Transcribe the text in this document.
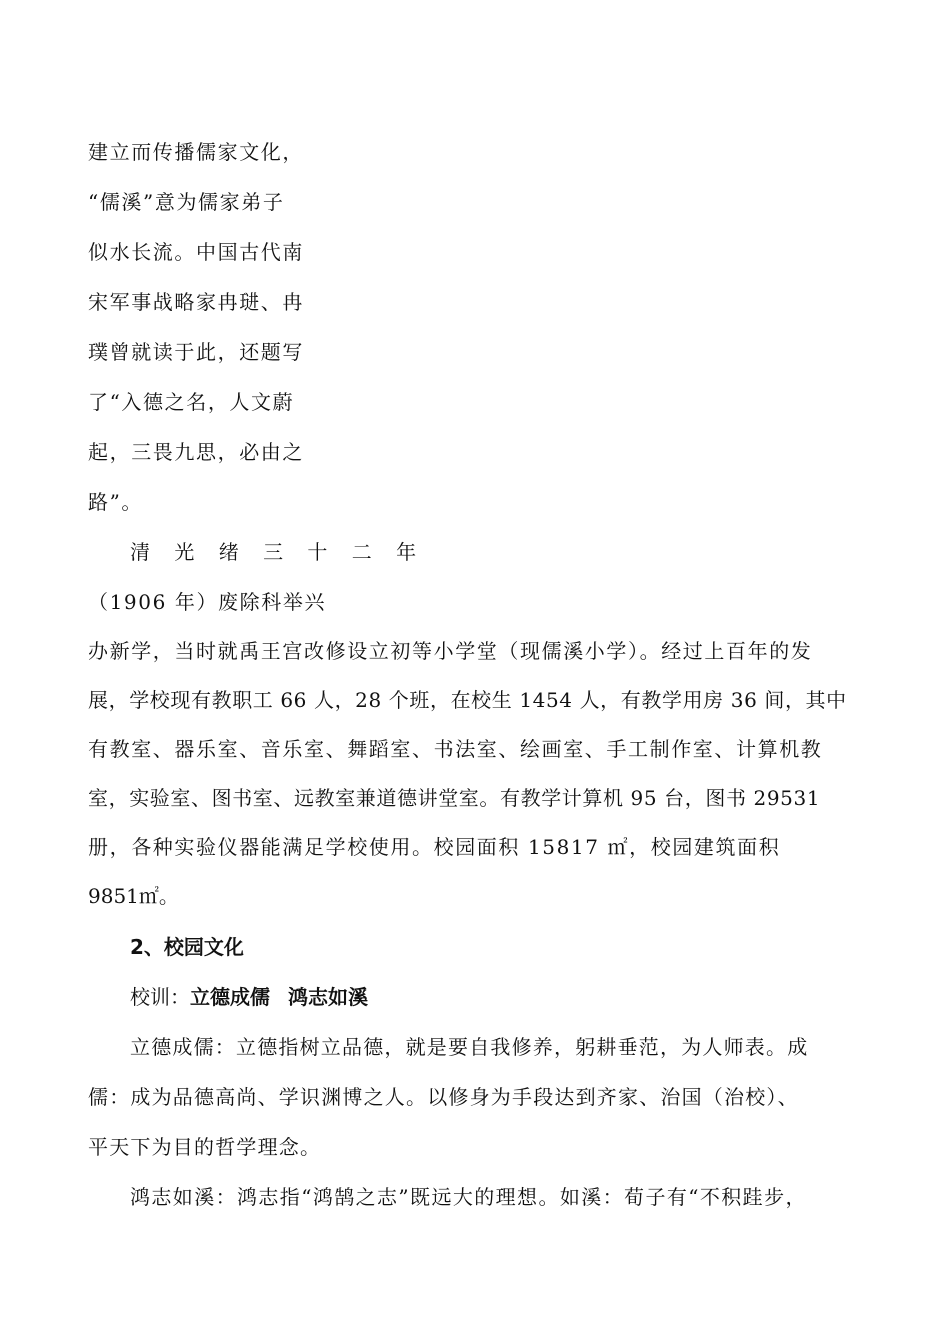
建立而传播儒家文化，

“儒溪”意为儒家弟子

似水长流。中国古代南

宋军事战略家冉琎、冉

璞曾就读于此，还题写

了“入德之名，人文蔚

起，三畏九思，必由之

路”。

清 光 绪 三 十 二 年

（1906 年）废除科举兴

办新学，当时就禹王宫改修设立初等小学堂（现儒溪小学）。经过上百年的发

展，学校现有教职工 66 人，28 个班，在校生 1454 人，有教学用房 36 间，其中

有教室、器乐室、音乐室、舞蹈室、书法室、绘画室、手工制作室、计算机教

室，实验室、图书室、远教室兼道德讲堂室。有教学计算机 95 台，图书 29531

册，各种实验仪器能满足学校使用。校园面积 15817 ㎡，校园建筑面积

9851㎡。

2、校园文化
校训：立德成儒 鸿志如溪

立德成儒：立德指树立品德，就是要自我修养，躬耕垂范，为人师表。成

儒：成为品德高尚、学识渊博之人。以修身为手段达到齐家、治国（治校）、

平天下为目的哲学理念。

鸿志如溪：鸿志指“鸿鹄之志”既远大的理想。如溪：荀子有“不积跬步，
